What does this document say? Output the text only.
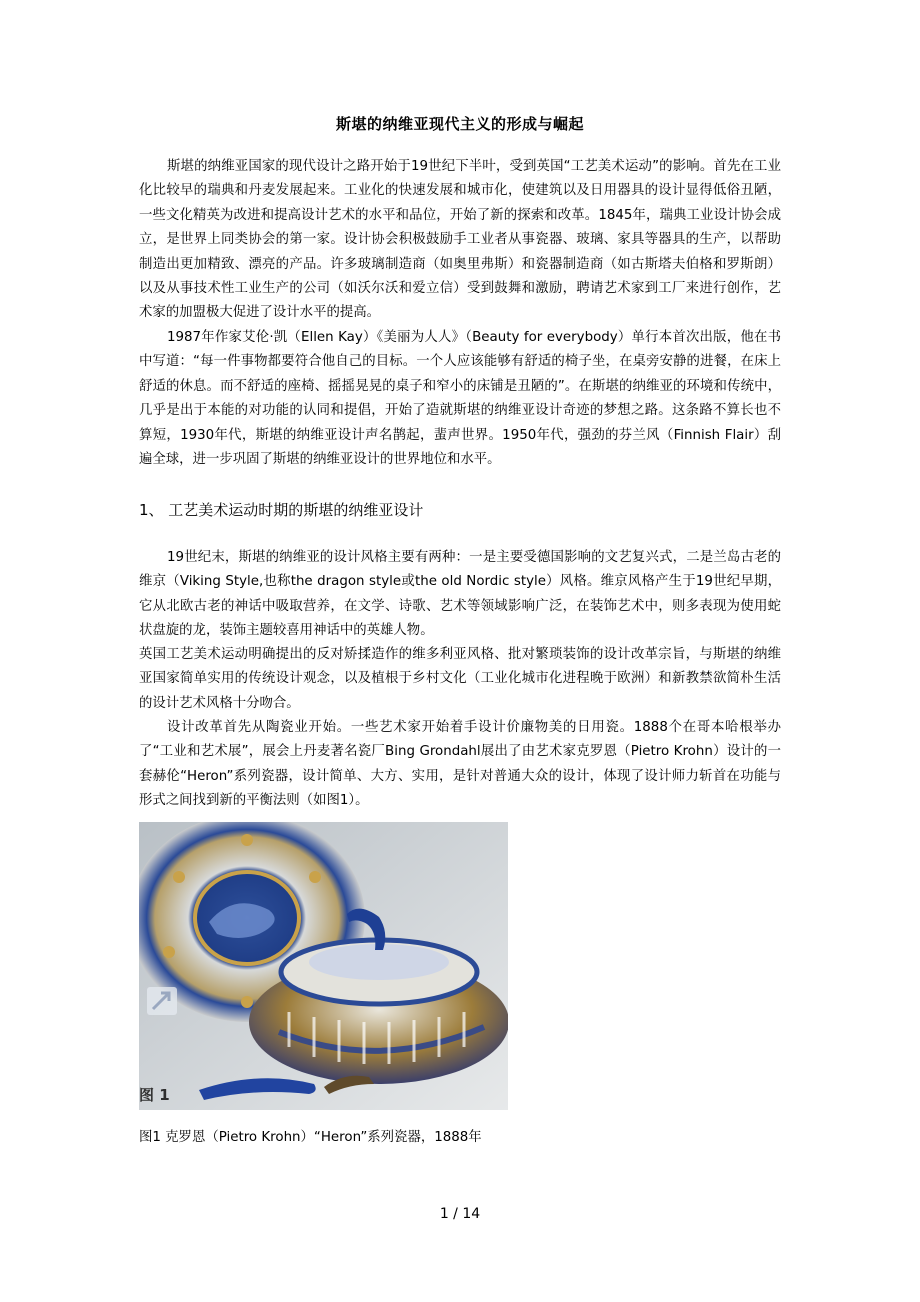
斯堪的纳维亚现代主义的形成与崛起

斯堪的纳维亚国家的现代设计之路开始于19世纪下半叶，受到英国“工艺美术运动”的影响。首先在工业化比较早的瑞典和丹麦发展起来。工业化的快速发展和城市化，使建筑以及日用器具的设计显得低俗丑陋，一些文化精英为改进和提高设计艺术的水平和品位，开始了新的探索和改革。1845年，瑞典工业设计协会成立，是世界上同类协会的第一家。设计协会积极鼓励手工业者从事瓷器、玻璃、家具等器具的生产，以帮助制造出更加精致、漂亮的产品。许多玻璃制造商（如奥里弗斯）和瓷器制造商（如古斯塔夫伯格和罗斯朗）以及从事技术性工业生产的公司（如沃尔沃和爱立信）受到鼓舞和激励，聘请艺术家到工厂来进行创作，艺术家的加盟极大促进了设计水平的提高。

1987年作家艾伦·凯（Ellen Kay）《美丽为人人》（Beauty for everybody）单行本首次出版，他在书中写道：“每一件事物都要符合他自己的目标。一个人应该能够有舒适的椅子坐，在桌旁安静的进餐，在床上舒适的休息。而不舒适的座椅、摇摇晃晃的桌子和窄小的床铺是丑陋的”。在斯堪的纳维亚的环境和传统中，几乎是出于本能的对功能的认同和提倡，开始了造就斯堪的纳维亚设计奇迹的梦想之路。这条路不算长也不算短，1930年代，斯堪的纳维亚设计声名鹊起，蜚声世界。1950年代，强劲的芬兰风（Finnish Flair）刮遍全球，进一步巩固了斯堪的纳维亚设计的世界地位和水平。

1、 工艺美术运动时期的斯堪的纳维亚设计

19世纪末，斯堪的纳维亚的设计风格主要有两种：一是主要受德国影响的文艺复兴式，二是兰岛古老的维京（Viking Style,也称the dragon style或the old Nordic style）风格。维京风格产生于19世纪早期，它从北欧古老的神话中吸取营养，在文学、诗歌、艺术等领域影响广泛，在装饰艺术中，则多表现为使用蛇状盘旋的龙，装饰主题较喜用神话中的英雄人物。

英国工艺美术运动明确提出的反对矫揉造作的维多利亚风格、批对繁琐装饰的设计改革宗旨，与斯堪的纳维亚国家简单实用的传统设计观念，以及植根于乡村文化（工业化城市化进程晚于欧洲）和新教禁欲简朴生活的设计艺术风格十分吻合。

设计改革首先从陶瓷业开始。一些艺术家开始着手设计价廉物美的日用瓷。1888个在哥本哈根举办了“工业和艺术展”，展会上丹麦著名瓷厂Bing Grondahl展出了由艺术家克罗恩（Pietro Krohn）设计的一套赫伦“Heron”系列瓷器，设计简单、大方、实用，是针对普通大众的设计，体现了设计师力斩首在功能与形式之间找到新的平衡法则（如图1）。

图 1
图1 克罗恩（Pietro Krohn）“Heron”系列瓷器，1888年
1 / 14
